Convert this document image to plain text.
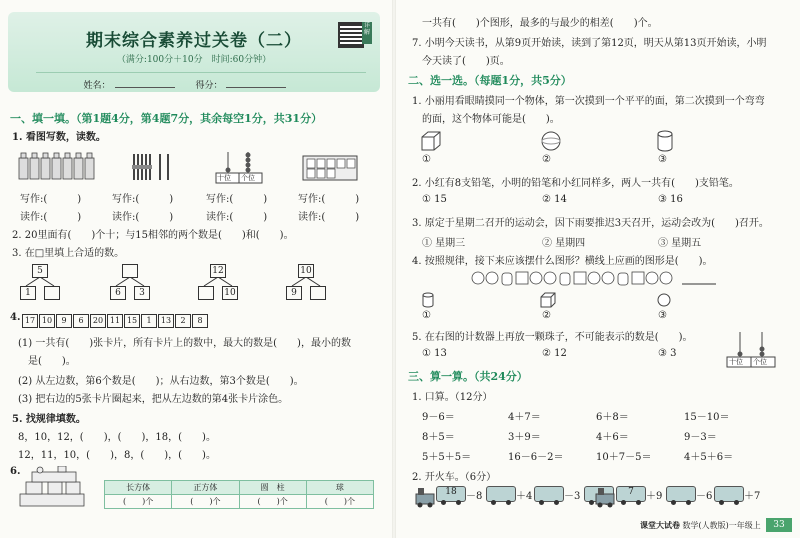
期末综合素养过关卷（二）
（满分:100分＋10分　时间:60分钟）
姓名：	得分：
详解
一、填一填。（第1题4分，第4题7分，其余每空1分，共31分）
1. 看图写数，读数。
十位 个位
写作:(　　　)	写作:(　　　)	写作:(　　　)	写作:(　　　)
读作:(　　　)	读作:(　　　)	读作:(　　　)	读作:(　　　)
2. 20里面有(　　)个十；与15相邻的两个数是(　　)和(　　)。
3. 在□里填上合适的数。
5
1	6	3
12
10
10
9
4. 17 10 9 6 20 11 15 1 13 2 8
(1) 一共有(　　)张卡片，所有卡片上的数中，最大的数是(　　)，最小的数
　是(　　)。
(2) 从左边数，第6个数是(　　)；从右边数，第3个数是(　　)。
(3) 把右边的5张卡片圈起来，把从左边数的第4张卡片涂色。
5. 找规律填数。
8，10，12，(　　)，(　　)，18，(　　)。
12，11，10，(　　)，8，(　　)，(　　)。
6.
长方体	正方体	圆　柱	球
(　　)个	(　　)个	(　　)个	(　　)个
一共有(　　)个图形，最多的与最少的相差(　　)个。
7. 小明今天读书，从第9页开始读，读到了第12页，明天从第13页开始读，小明
　今天读了(　　)页。
二、选一选。（每题1分，共5分）
1. 小丽用看眼睛摸同一个物体，第一次摸到一个平平的面，第二次摸到一个弯弯
　的面，这个物体可能是(　　)。
①	②	③
2. 小红有8支铅笔，小明的铅笔和小红同样多，两人一共有(　　)支铅笔。
① 15	② 14	③ 16
3. 原定于星期二召开的运动会，因下雨要推迟3天召开，运动会改为(　　)召开。
① 星期三	② 星期四	③ 星期五
4. 按照规律，接下来应该摆什么图形？横线上应画的图形是(　　)。
①	②	③
5. 在右图的计数器上再放一颗珠子，不可能表示的数是(　　)。
① 13	② 12	③ 3
十位 个位
三、算一算。（共24分）
1. 口算。（12分）
9－6＝	4＋7＝	6＋8＝	15－10＝
8＋5＝	3＋9＝	4＋6＝	9－3＝
5＋5＋5＝	16－6－2＝	10＋7－5＝	4＋5＋6＝
2. 开火车。（6分）
18 －8	＋4	－3	7	＋9	－6	＋7
课堂大试卷 数学(人教版)一年级上	33
